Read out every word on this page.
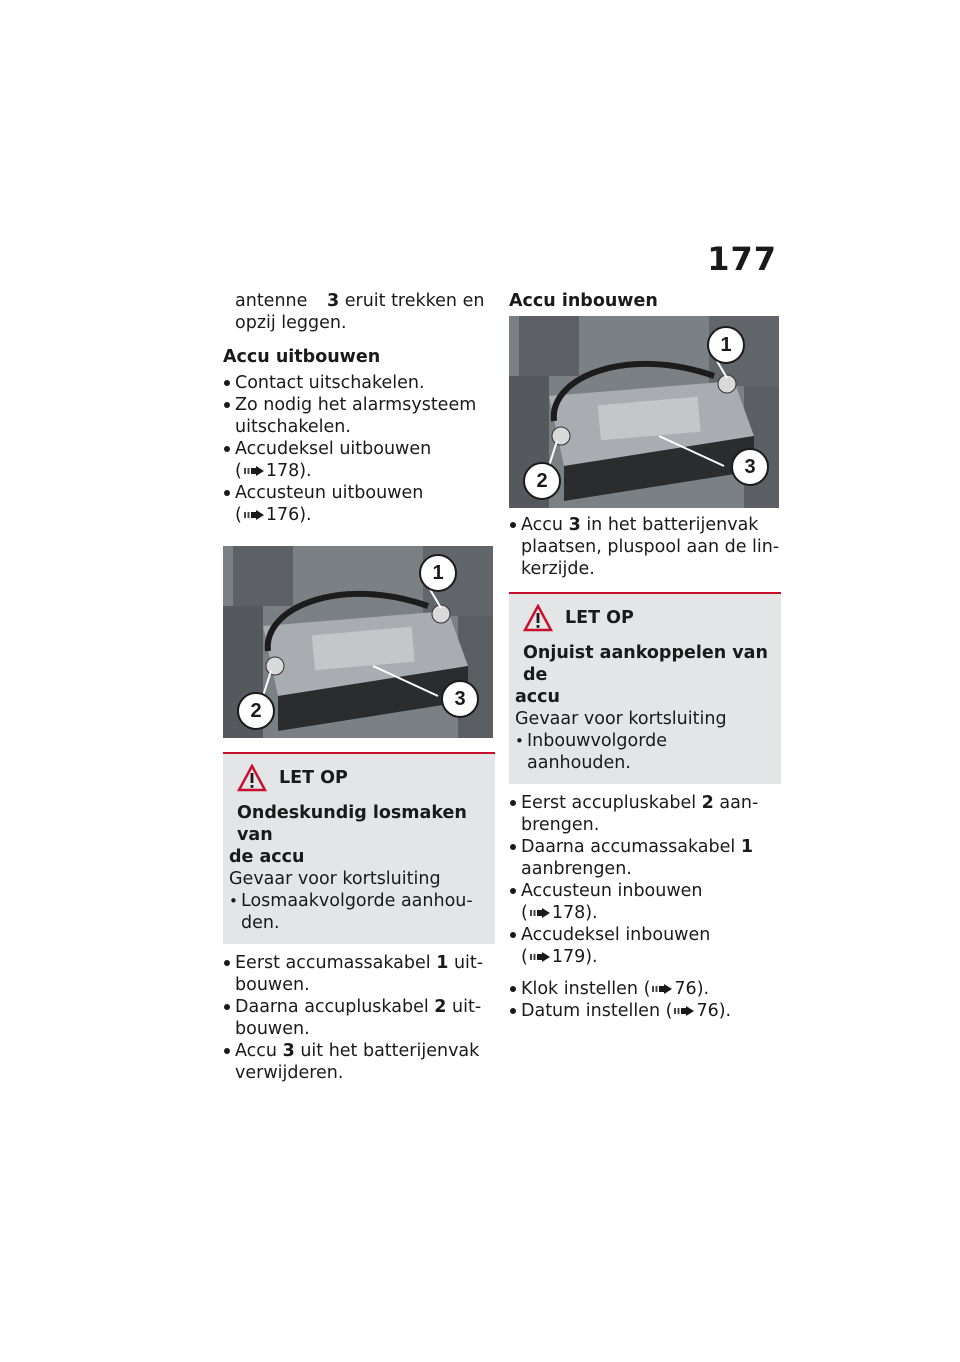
177

antenne 3 eruit trekken en
opzij leggen.

Accu uitbouwen

Contact uitschakelen.
Zo nodig het alarmsysteem
uitschakelen.
Accudeksel uitbouwen
( 178).
Accusteun uitbouwen
( 176).
1
2
3
LET OP

Ondeskundig losmaken van

de accu

Gevaar voor kortsluiting

• Losmaakvolgorde aanhou-
den.
Eerst accumassakabel 1 uit-
bouwen.
Daarna accupluskabel 2 uit-
bouwen.
Accu 3 uit het batterijenvak
verwijderen.

Accu inbouwen

1
2
3
Accu 3 in het batterijenvak
plaatsen, pluspool aan de lin-
kerzijde.
LET OP

Onjuist aankoppelen van de

accu

Gevaar voor kortsluiting

• Inbouwvolgorde aanhouden.
Eerst accupluskabel 2 aan-
brengen.
Daarna accumassakabel 1
aanbrengen.
Accusteun inbouwen
( 178).
Accudeksel inbouwen
( 179).
Klok instellen ( 76).
Datum instellen ( 76).
